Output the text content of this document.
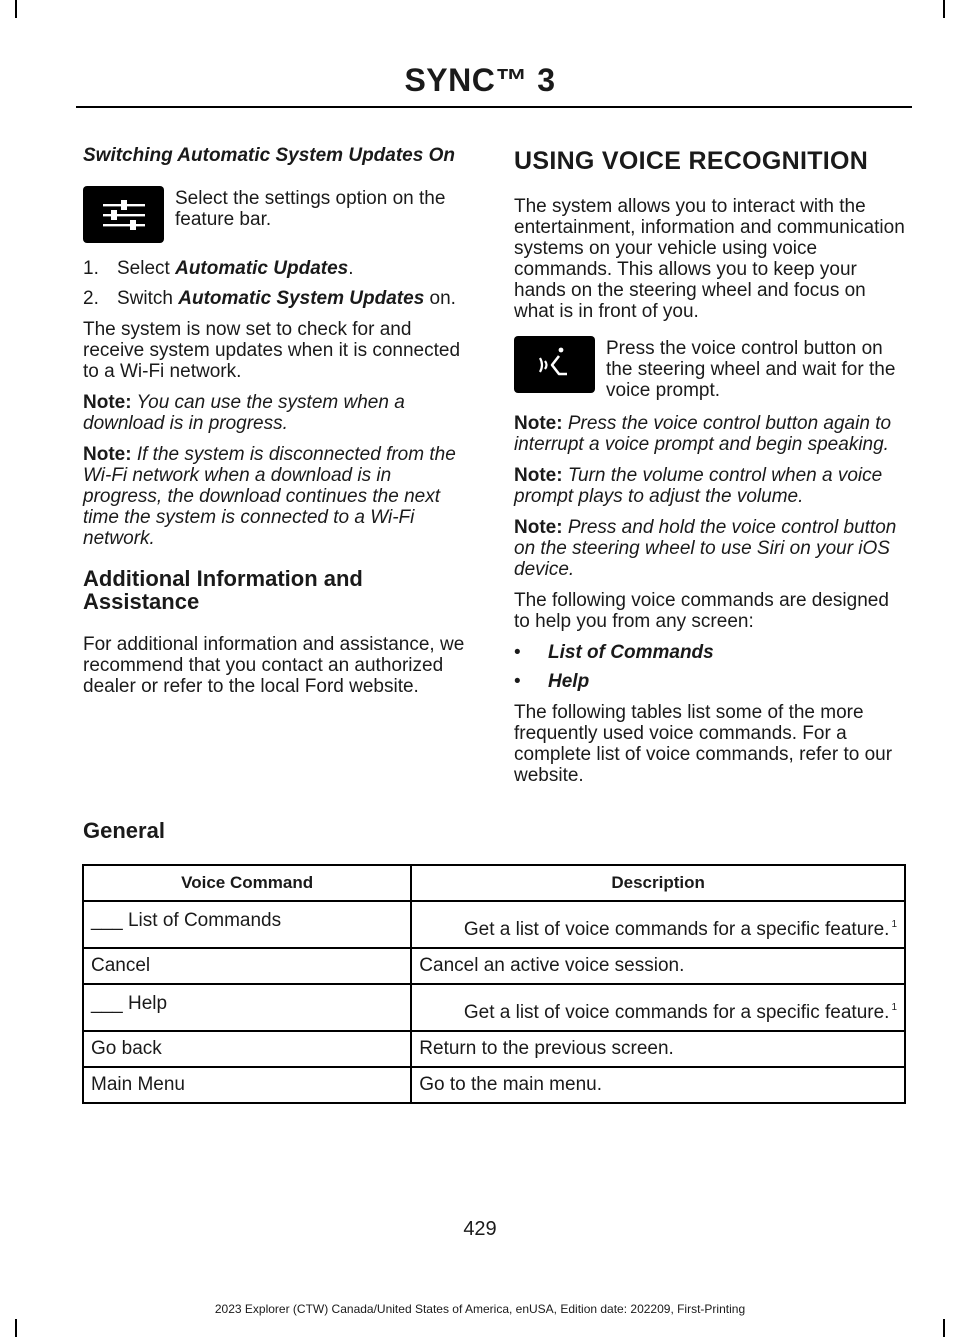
SYNC™ 3
Switching Automatic System Updates On
Select the settings option on the feature bar.
1. Select Automatic Updates.
2. Switch Automatic System Updates on.

The system is now set to check for and receive system updates when it is connected to a Wi-Fi network.

Note: You can use the system when a download is in progress.

Note: If the system is disconnected from the Wi-Fi network when a download is in progress, the download continues the next time the system is connected to a Wi-Fi network.

Additional Information and Assistance

For additional information and assistance, we recommend that you contact an authorized dealer or refer to the local Ford website.

USING VOICE RECOGNITION

The system allows you to interact with the entertainment, information and communication systems on your vehicle using voice commands. This allows you to keep your hands on the steering wheel and focus on what is in front of you.

Press the voice control button on the steering wheel and wait for the voice prompt.

Note: Press the voice control button again to interrupt a voice prompt and begin speaking.

Note: Turn the volume control when a voice prompt plays to adjust the volume.

Note: Press and hold the voice control button on the steering wheel to use Siri on your iOS device.

The following voice commands are designed to help you from any screen:

•	List of Commands
•	Help

The following tables list some of the more frequently used voice commands. For a complete list of voice commands, refer to our website.

General
Voice Command	Description
___ List of Commands	Get a list of voice commands for a specific feature. $^1$
Cancel	Cancel an active voice session.
___ Help	Get a list of voice commands for a specific feature. $^1$
Go back	Return to the previous screen.
Main Menu	Go to the main menu.
429
2023 Explorer (CTW) Canada/United States of America, enUSA, Edition date: 202209, First-Printing
